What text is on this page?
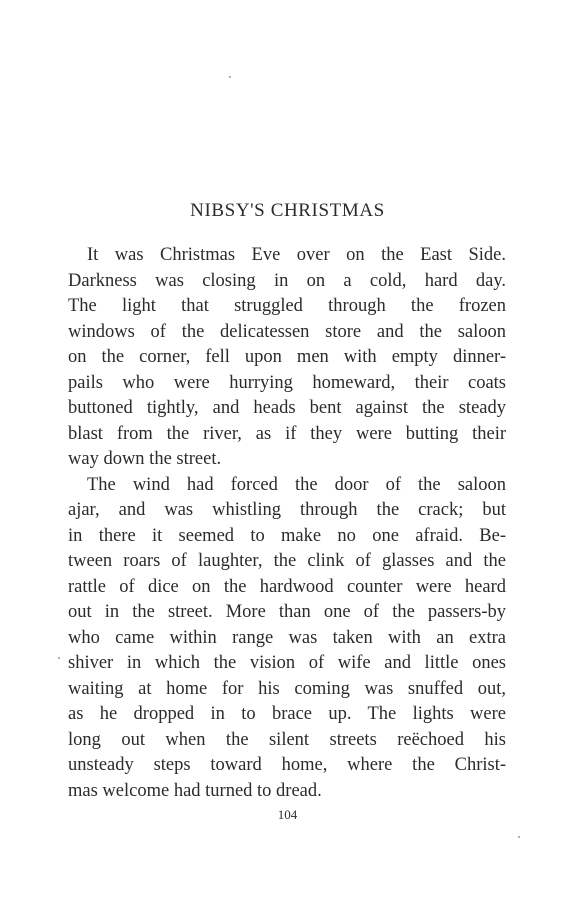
NIBSY'S CHRISTMAS
It was Christmas Eve over on the East Side.
Darkness was closing in on a cold, hard day.
The light that struggled through the frozen
windows of the delicatessen store and the saloon
on the corner, fell upon men with empty dinner-
pails who were hurrying homeward, their coats
buttoned tightly, and heads bent against the steady
blast from the river, as if they were butting their
way down the street.
The wind had forced the door of the saloon
ajar, and was whistling through the crack; but
in there it seemed to make no one afraid. Be-
tween roars of laughter, the clink of glasses and the
rattle of dice on the hardwood counter were heard
out in the street. More than one of the passers-by
who came within range was taken with an extra
shiver in which the vision of wife and little ones
waiting at home for his coming was snuffed out,
as he dropped in to brace up. The lights were
long out when the silent streets reëchoed his
unsteady steps toward home, where the Christ-
mas welcome had turned to dread.
104
